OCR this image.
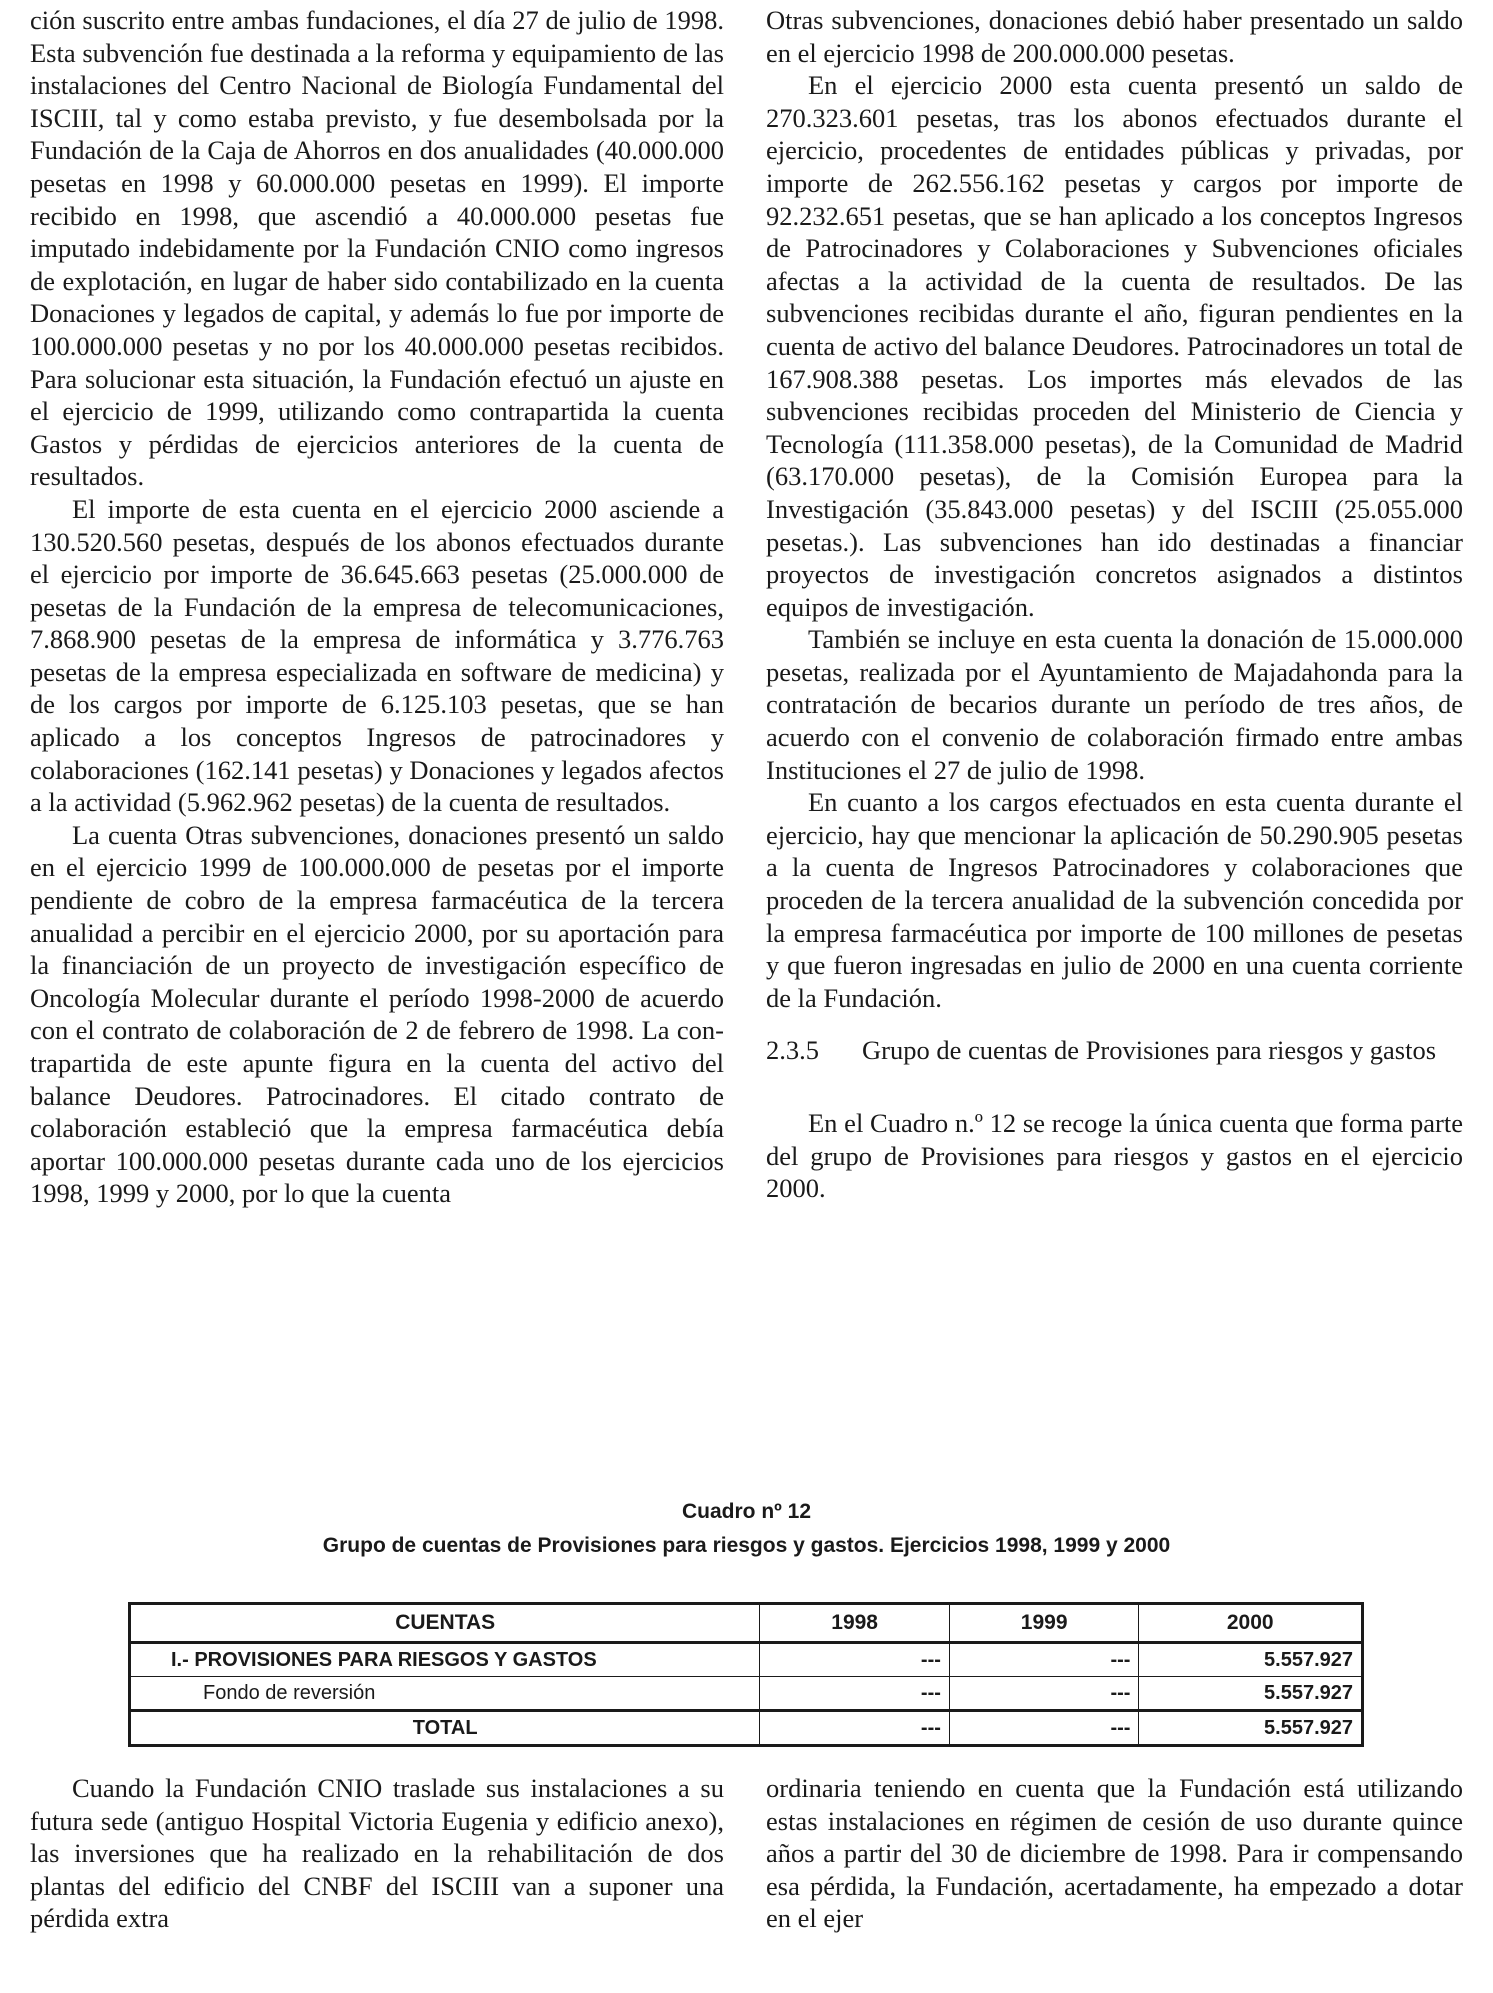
ción suscrito entre ambas fundaciones, el día 27 de julio de 1998. Esta subvención fue destinada a la reforma y equipamiento de las instalaciones del Centro Nacional de Biología Fundamental del ISCIII, tal y como estaba previsto, y fue desembolsada por la Fundación de la Caja de Ahorros en dos anualidades (40.000.000 pesetas en 1998 y 60.000.000 pesetas en 1999). El importe recibido en 1998, que ascendió a 40.000.000 pesetas fue imputado indebidamente por la Fundación CNIO como ingresos de explotación, en lugar de haber sido contabilizado en la cuenta Donaciones y legados de capital, y además lo fue por importe de 100.000.000 pesetas y no por los 40.000.000 pesetas recibidos. Para solucionar esta situación, la Fundación efectuó un ajuste en el ejercicio de 1999, utilizando como contrapartida la cuenta Gastos y pérdidas de ejercicios anteriores de la cuenta de resultados.

El importe de esta cuenta en el ejercicio 2000 asciende a 130.520.560 pesetas, después de los abonos efectuados durante el ejercicio por importe de 36.645.663 pesetas (25.000.000 de pesetas de la Fundación de la empresa de telecomunicaciones, 7.868.900 pesetas de la empresa de informática y 3.776.763 pesetas de la empresa especializada en software de medicina) y de los cargos por importe de 6.125.103 pesetas, que se han aplicado a los conceptos Ingresos de patrocinadores y colaboraciones (162.141 pesetas) y Donaciones y legados afectos a la actividad (5.962.962 pesetas) de la cuenta de resultados.

La cuenta Otras subvenciones, donaciones presentó un saldo en el ejercicio 1999 de 100.000.000 de pesetas por el importe pendiente de cobro de la empresa farmacéutica de la tercera anualidad a percibir en el ejercicio 2000, por su aportación para la financiación de un proyecto de investigación específico de Oncología Molecular durante el período 1998-2000 de acuerdo con el contrato de colaboración de 2 de febrero de 1998. La contrapartida de este apunte figura en la cuenta del activo del balance Deudores. Patrocinadores. El citado contrato de colaboración estableció que la empresa farmacéutica debía aportar 100.000.000 pesetas durante cada uno de los ejercicios 1998, 1999 y 2000, por lo que la cuenta

Otras subvenciones, donaciones debió haber presentado un saldo en el ejercicio 1998 de 200.000.000 pesetas.

En el ejercicio 2000 esta cuenta presentó un saldo de 270.323.601 pesetas, tras los abonos efectuados durante el ejercicio, procedentes de entidades públicas y privadas, por importe de 262.556.162 pesetas y cargos por importe de 92.232.651 pesetas, que se han aplicado a los conceptos Ingresos de Patrocinadores y Colaboraciones y Subvenciones oficiales afectas a la actividad de la cuenta de resultados. De las subvenciones recibidas durante el año, figuran pendientes en la cuenta de activo del balance Deudores. Patrocinadores un total de 167.908.388 pesetas. Los importes más elevados de las subvenciones recibidas proceden del Ministerio de Ciencia y Tecnología (111.358.000 pesetas), de la Comunidad de Madrid (63.170.000 pesetas), de la Comisión Europea para la Investigación (35.843.000 pesetas) y del ISCIII (25.055.000 pesetas.). Las subvenciones han ido destinadas a financiar proyectos de investigación concretos asignados a distintos equipos de investigación.

También se incluye en esta cuenta la donación de 15.000.000 pesetas, realizada por el Ayuntamiento de Majadahonda para la contratación de becarios durante un período de tres años, de acuerdo con el convenio de colaboración firmado entre ambas Instituciones el 27 de julio de 1998.

En cuanto a los cargos efectuados en esta cuenta durante el ejercicio, hay que mencionar la aplicación de 50.290.905 pesetas a la cuenta de Ingresos Patrocinadores y colaboraciones que proceden de la tercera anualidad de la subvención concedida por la empresa farmacéutica por importe de 100 millones de pesetas y que fueron ingresadas en julio de 2000 en una cuenta corriente de la Fundación.

2.3.5	Grupo de cuentas de Provisiones para riesgos y gastos

En el Cuadro n.º 12 se recoge la única cuenta que forma parte del grupo de Provisiones para riesgos y gastos en el ejercicio 2000.

Cuadro nº 12
Grupo de cuentas de Provisiones para riesgos y gastos. Ejercicios 1998, 1999 y 2000
CUENTAS	1998	1999	2000
I.- PROVISIONES PARA RIESGOS Y GASTOS	---	---	5.557.927
Fondo de reversión	---	---	5.557.927
TOTAL	---	---	5.557.927

Cuando la Fundación CNIO traslade sus instalaciones a su futura sede (antiguo Hospital Victoria Eugenia y edificio anexo), las inversiones que ha realizado en la rehabilitación de dos plantas del edificio del CNBF del ISCIII van a suponer una pérdida extra

ordinaria teniendo en cuenta que la Fundación está utilizando estas instalaciones en régimen de cesión de uso durante quince años a partir del 30 de diciembre de 1998. Para ir compensando esa pérdida, la Fundación, acertadamente, ha empezado a dotar en el ejer
